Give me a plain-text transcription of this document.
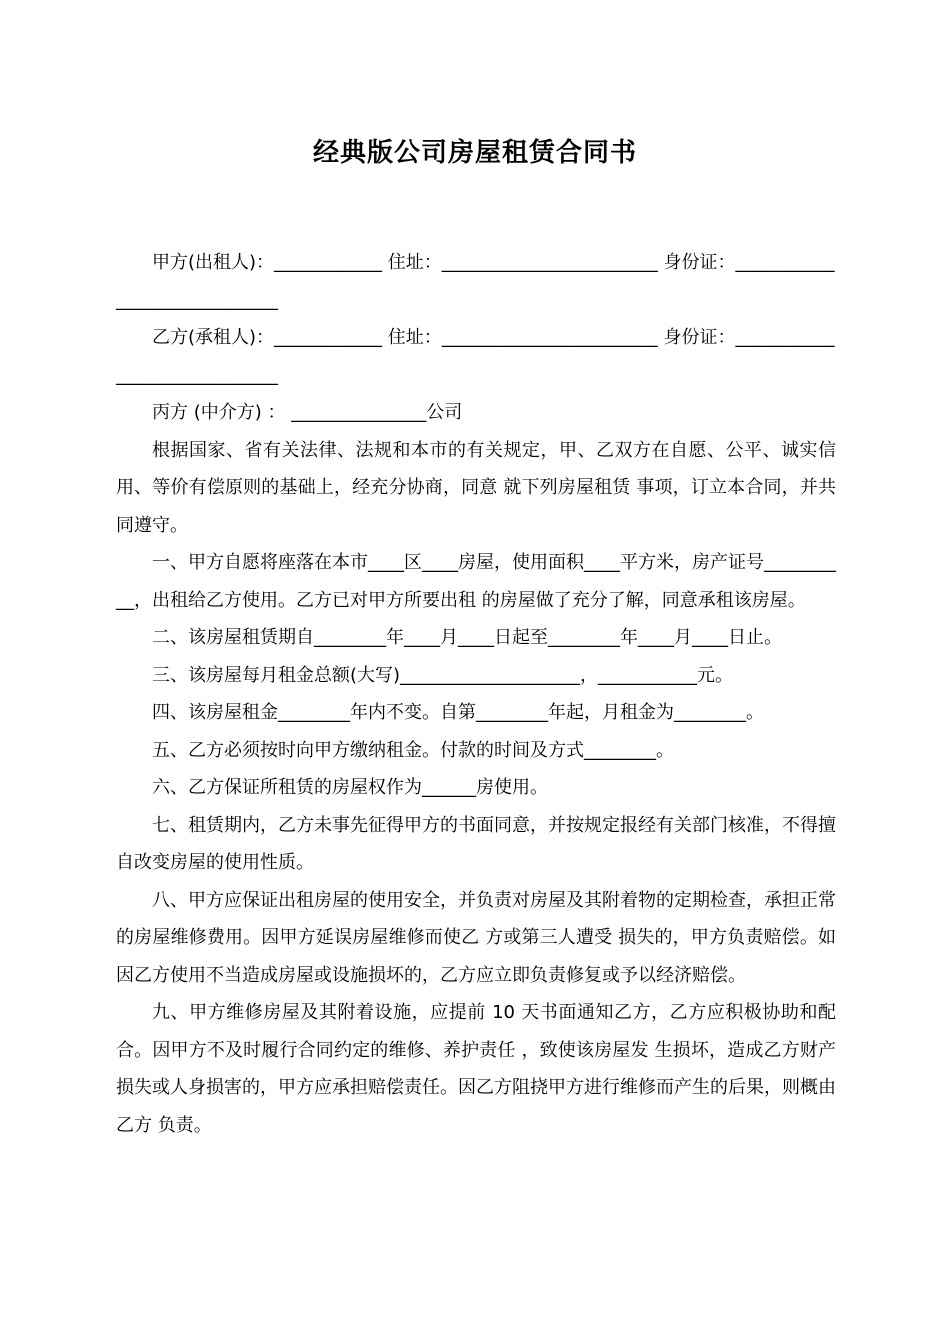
经典版公司房屋租赁合同书

甲方(出租人)：____________ 住址：________________________ 身份证：_____________________________

乙方(承租人)：____________ 住址：________________________ 身份证：_____________________________

丙方 (中介方) ： _______________公司

根据国家、省有关法律、法规和本市的有关规定，甲、乙双方在自愿、公平、诚实信用、等价有偿原则的基础上，经充分协商，同意 就下列房屋租赁 事项，订立本合同，并共同遵守。

一、甲方自愿将座落在本市____区____房屋，使用面积____平方米，房产证号__________，出租给乙方使用。乙方已对甲方所要出租 的房屋做了充分了解，同意承租该房屋。

二、该房屋租赁期自________年____月____日起至________年____月____日止。

三、该房屋每月租金总额(大写)____________________，___________元。

四、该房屋租金________年内不变。自第________年起，月租金为________。

五、乙方必须按时向甲方缴纳租金。付款的时间及方式________。

六、乙方保证所租赁的房屋权作为______房使用。

七、租赁期内，乙方未事先征得甲方的书面同意，并按规定报经有关部门核准，不得擅自改变房屋的使用性质。

八、甲方应保证出租房屋的使用安全，并负责对房屋及其附着物的定期检查，承担正常的房屋维修费用。因甲方延误房屋维修而使乙 方或第三人遭受 损失的，甲方负责赔偿。如因乙方使用不当造成房屋或设施损坏的，乙方应立即负责修复或予以经济赔偿。

九、甲方维修房屋及其附着设施，应提前 10 天书面通知乙方，乙方应积极协助和配合。因甲方不及时履行合同约定的维修、养护责任 ，致使该房屋发 生损坏，造成乙方财产损失或人身损害的，甲方应承担赔偿责任。因乙方阻挠甲方进行维修而产生的后果，则概由乙方 负责。
